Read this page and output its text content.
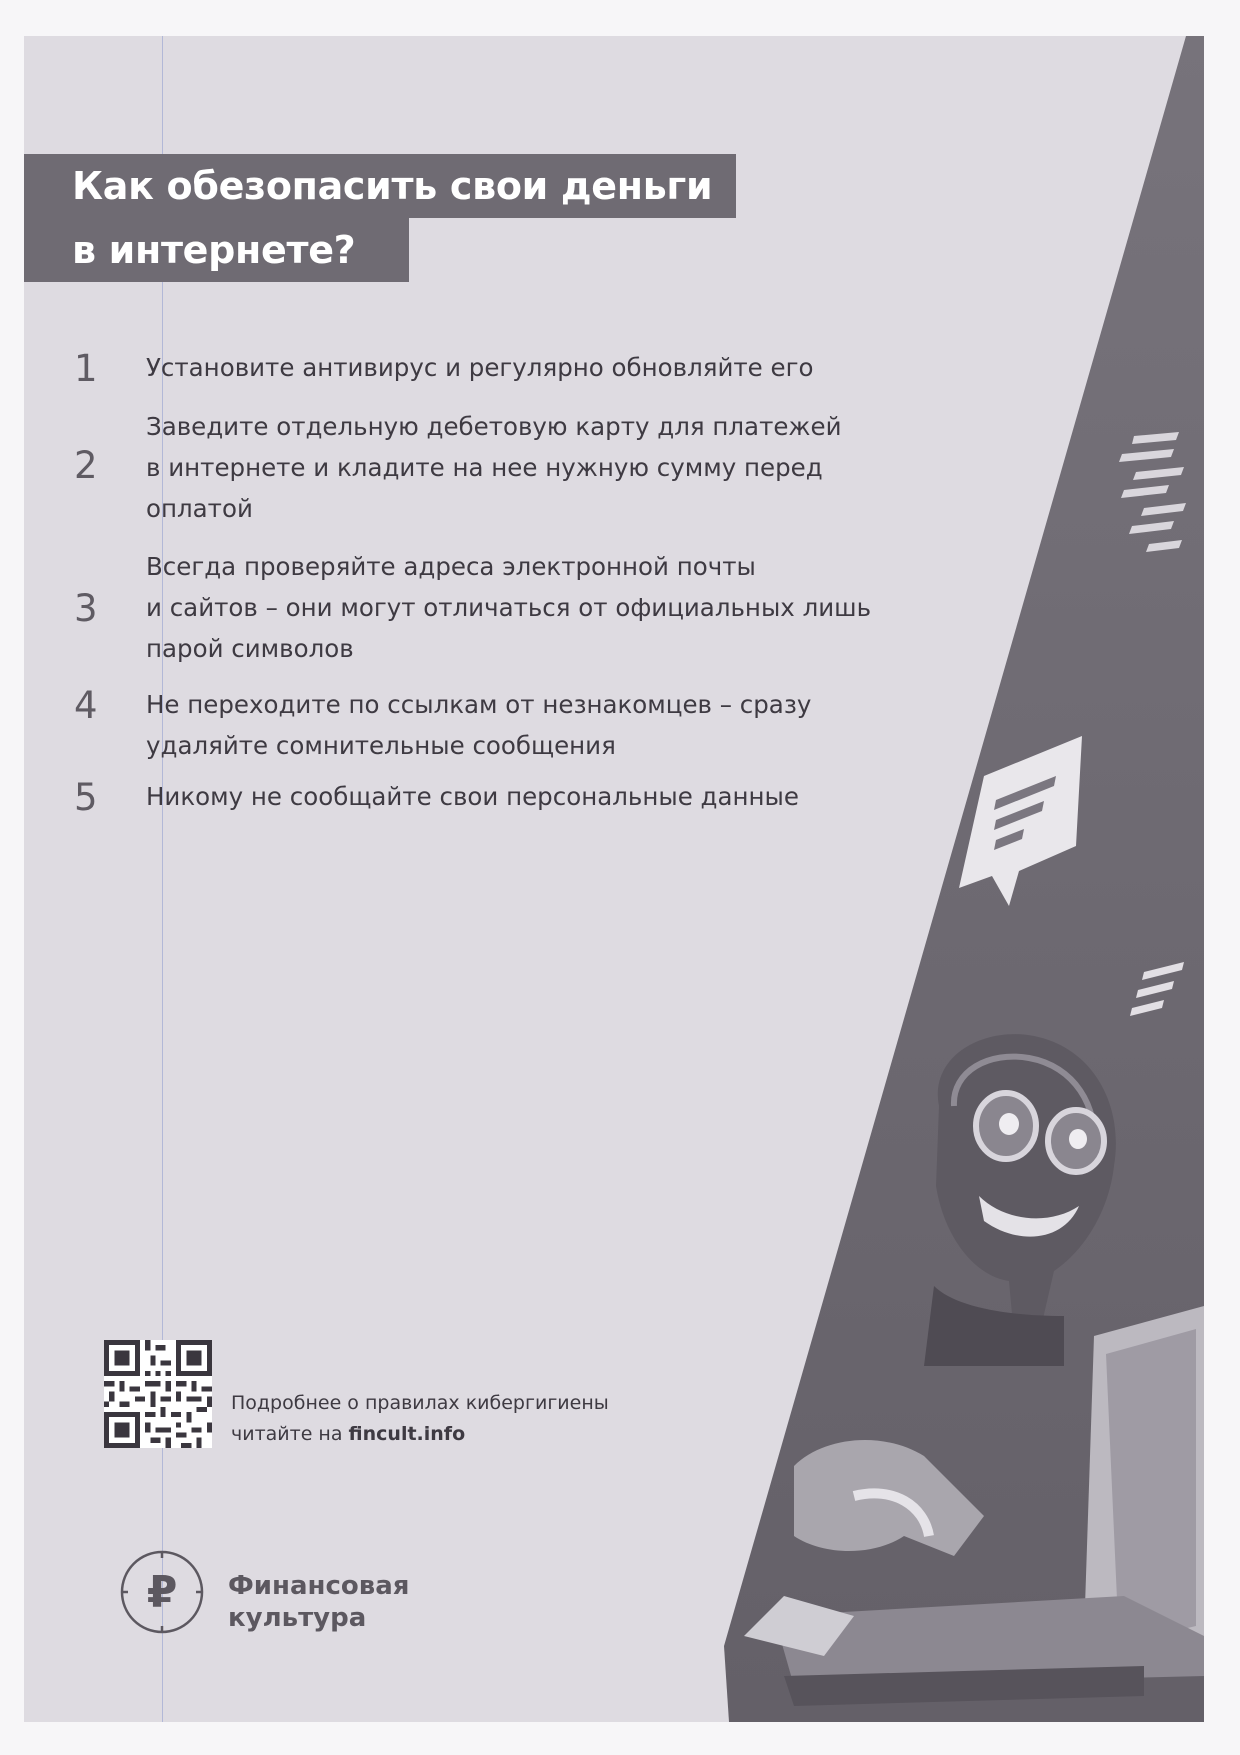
Как обезопасить свои деньги
в интернете?
1	Установите антивирус и регулярно обновляйте его
2
Заведите отдельную дебетовую карту для платежей
в интернете и кладите на нее нужную сумму перед
оплатой
3
Всегда проверяйте адреса электронной почты
и сайтов – они могут отличаться от официальных лишь
парой символов
4	Не переходите по ссылкам от незнакомцев – сразу
удаляйте сомнительные сообщения
5	Никому не сообщайте свои персональные данные
Подробнее о правилах кибергигиены
читайте на fincult.info
₽ Финансовая
культура
